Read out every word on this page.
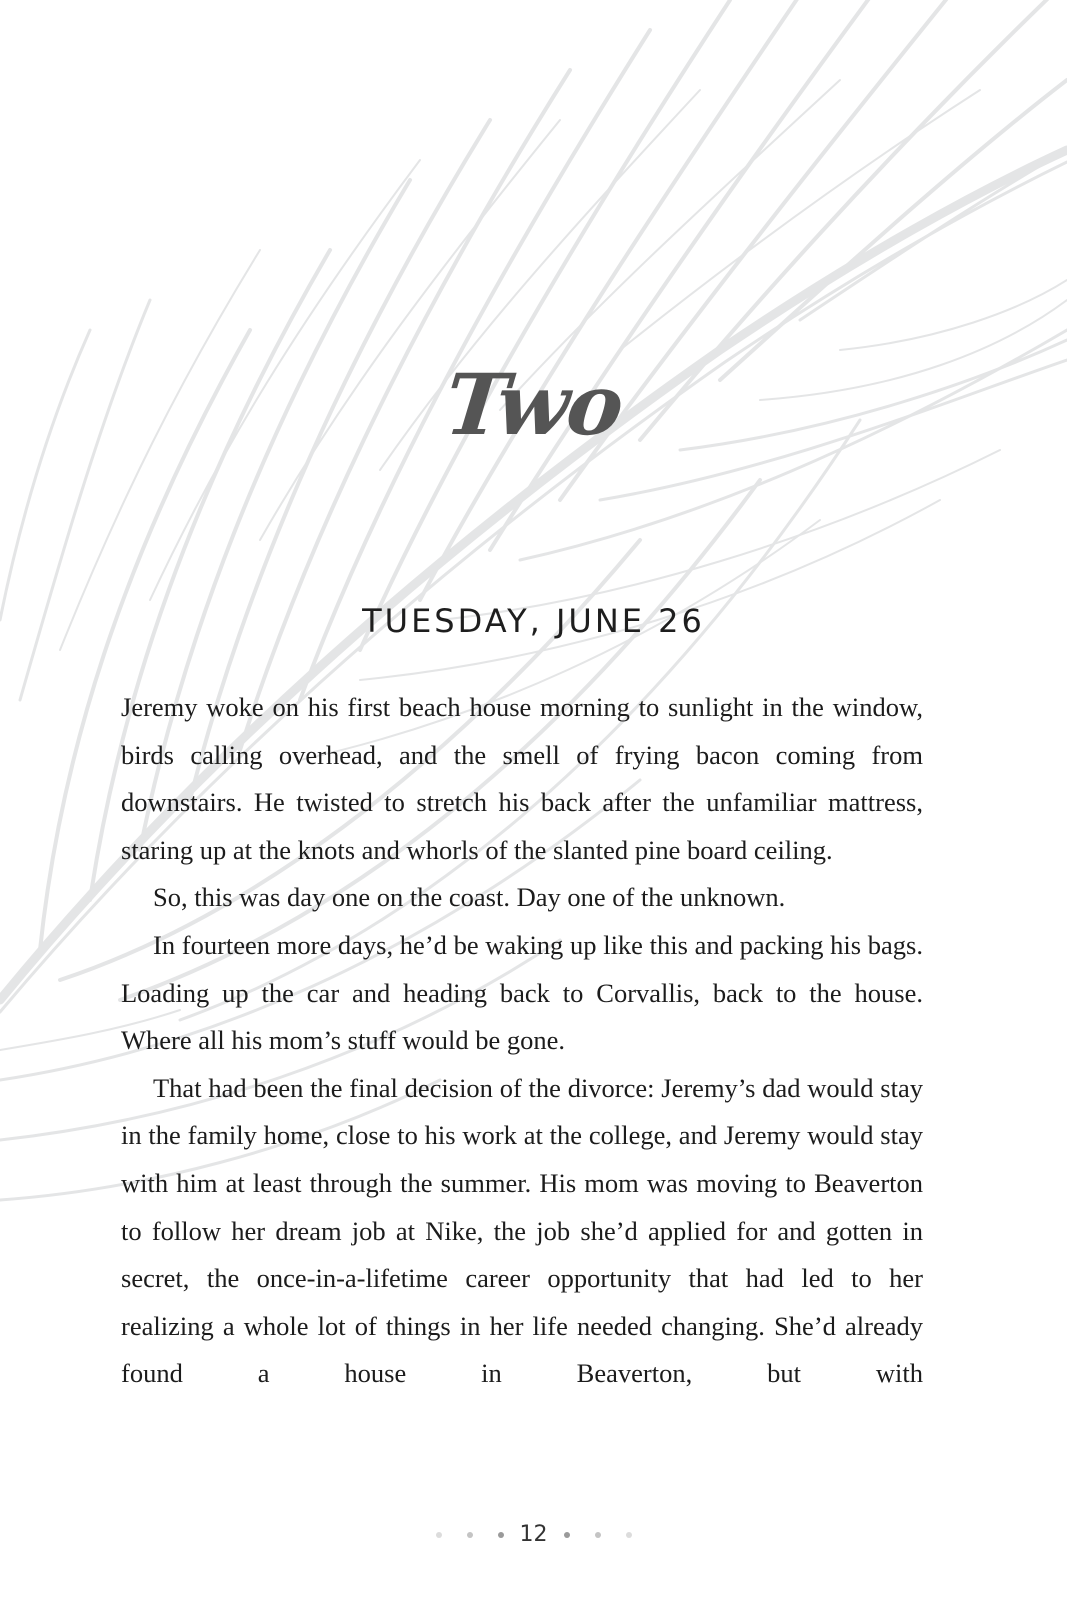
Two
TUESDAY, JUNE 26

Jeremy woke on his first beach house morning to sunlight in the window, birds calling overhead, and the smell of frying bacon coming from downstairs. He twisted to stretch his back after the unfamiliar mattress, staring up at the knots and whorls of the slanted pine board ceiling.

So, this was day one on the coast. Day one of the unknown.

In fourteen more days, he’d be waking up like this and packing his bags. Loading up the car and heading back to Corvallis, back to the house. Where all his mom’s stuff would be gone.

That had been the final decision of the divorce: Jeremy’s dad would stay in the family home, close to his work at the college, and Jeremy would stay with him at least through the summer. His mom was moving to Beaverton to follow her dream job at Nike, the job she’d applied for and gotten in secret, the once-in-a-lifetime career opportunity that had led to her realizing a whole lot of things in her life needed changing. She’d already found a house in Beaverton, but with

12
